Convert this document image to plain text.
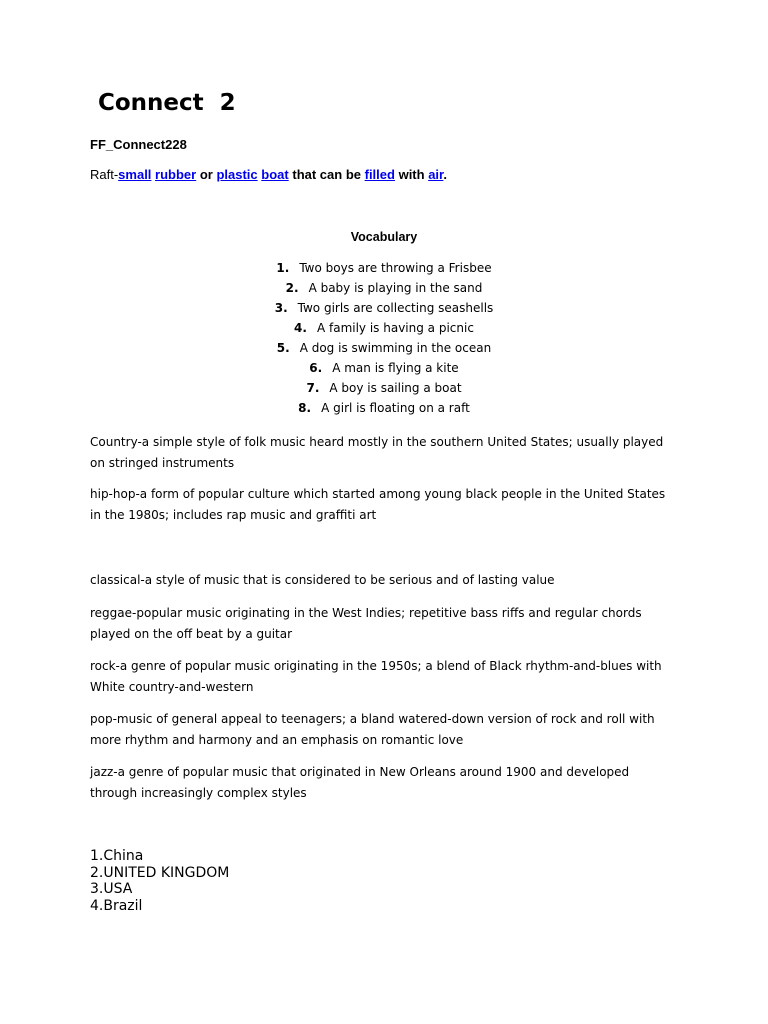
Connect  2

FF_Connect228

Raft-small rubber or plastic boat that can be filled with air.

Vocabulary
1. Two boys are throwing a Frisbee
2. A baby is playing in the sand
3. Two girls are collecting seashells
4. A family is having a picnic
5. A dog is swimming in the ocean
6. A man is flying a kite
7. A boy is sailing a boat
8. A girl is floating on a raft

Country-a simple style of folk music heard mostly in the southern United States; usually played on stringed instruments

hip-hop-a form of popular culture which started among young black people in the United States in the 1980s; includes rap music and graffiti art

classical-a style of music that is considered to be serious and of lasting value

reggae-popular music originating in the West Indies; repetitive bass riffs and regular chords played on the off beat by a guitar

rock-a genre of popular music originating in the 1950s; a blend of Black rhythm-and-blues with White country-and-western

pop-music of general appeal to teenagers; a bland watered-down version of rock and roll with more rhythm and harmony and an emphasis on romantic love

jazz-a genre of popular music that originated in New Orleans around 1900 and developed through increasingly complex styles

1.China
2.UNITED KINGDOM
3.USA
4.Brazil
